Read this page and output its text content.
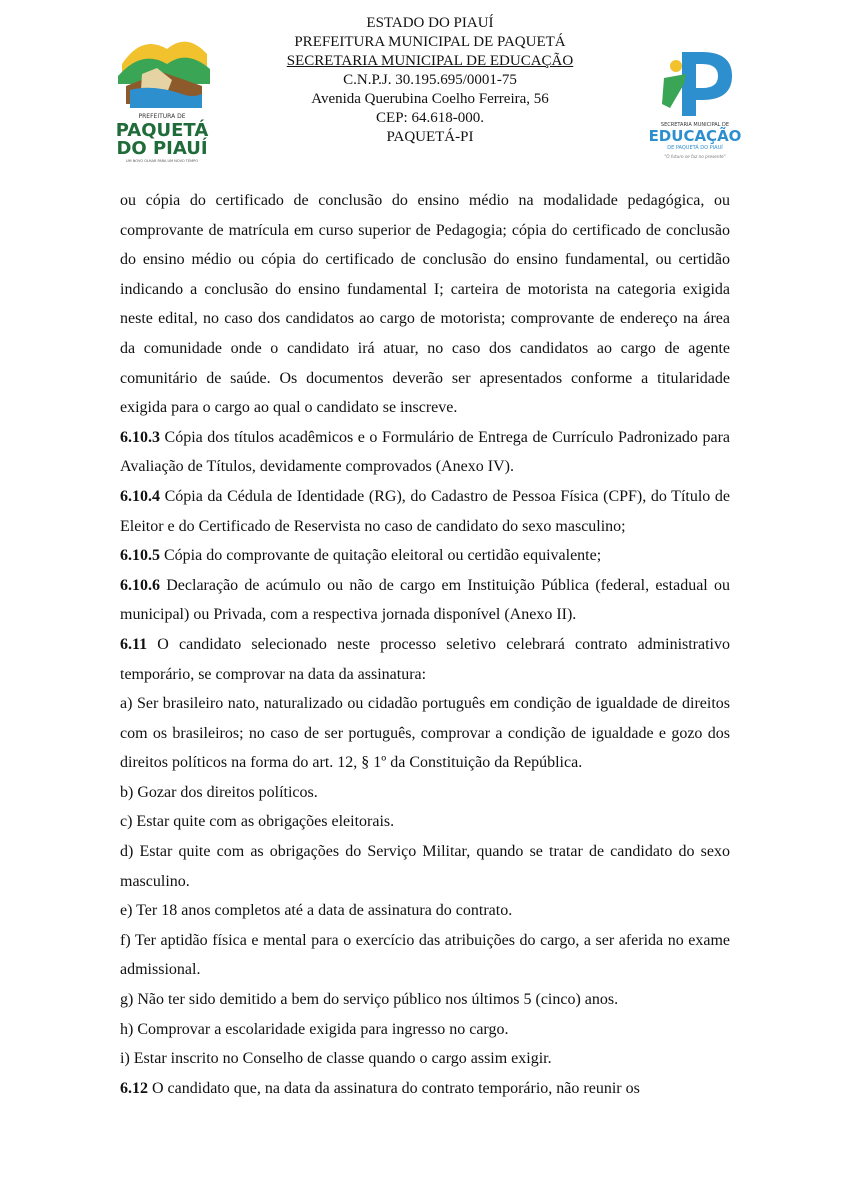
PREFEITURA DE
PAQUETÁ
DO PIAUÍ
UM NOVO OLHAR PARA UM NOVO TEMPO
ESTADO DO PIAUÍ
PREFEITURA MUNICIPAL DE PAQUETÁ
SECRETARIA MUNICIPAL DE EDUCAÇÃO
C.N.P.J. 30.195.695/0001-75
Avenida Querubina Coelho Ferreira, 56
CEP: 64.618-000.
PAQUETÁ-PI
SECRETARIA MUNICIPAL DE
EDUCAÇÃO
DE PAQUETÁ DO PIAUÍ
"O futuro se faz no presente"

ou cópia do certificado de conclusão do ensino médio na modalidade pedagógica, ou comprovante de matrícula em curso superior de Pedagogia; cópia do certificado de conclusão do ensino médio ou cópia do certificado de conclusão do ensino fundamental, ou certidão indicando a conclusão do ensino fundamental I; carteira de motorista na categoria exigida neste edital, no caso dos candidatos ao cargo de motorista; comprovante de endereço na área da comunidade onde o candidato irá atuar, no caso dos candidatos ao cargo de agente comunitário de saúde. Os documentos deverão ser apresentados conforme a titularidade exigida para o cargo ao qual o candidato se inscreve.

6.10.3 Cópia dos títulos acadêmicos e o Formulário de Entrega de Currículo Padronizado para Avaliação de Títulos, devidamente comprovados (Anexo IV).

6.10.4 Cópia da Cédula de Identidade (RG), do Cadastro de Pessoa Física (CPF), do Título de Eleitor e do Certificado de Reservista no caso de candidato do sexo masculino;

6.10.5 Cópia do comprovante de quitação eleitoral ou certidão equivalente;

6.10.6 Declaração de acúmulo ou não de cargo em Instituição Pública (federal, estadual ou municipal) ou Privada, com a respectiva jornada disponível (Anexo II).

6.11 O candidato selecionado neste processo seletivo celebrará contrato administrativo temporário, se comprovar na data da assinatura:

a) Ser brasileiro nato, naturalizado ou cidadão português em condição de igualdade de direitos com os brasileiros; no caso de ser português, comprovar a condição de igualdade e gozo dos direitos políticos na forma do art. 12, § 1º da Constituição da República.

b) Gozar dos direitos políticos.

c) Estar quite com as obrigações eleitorais.

d) Estar quite com as obrigações do Serviço Militar, quando se tratar de candidato do sexo masculino.

e) Ter 18 anos completos até a data de assinatura do contrato.

f) Ter aptidão física e mental para o exercício das atribuições do cargo, a ser aferida no exame admissional.

g) Não ter sido demitido a bem do serviço público nos últimos 5 (cinco) anos.

h) Comprovar a escolaridade exigida para ingresso no cargo.

i) Estar inscrito no Conselho de classe quando o cargo assim exigir.

6.12 O candidato que, na data da assinatura do contrato temporário, não reunir os
